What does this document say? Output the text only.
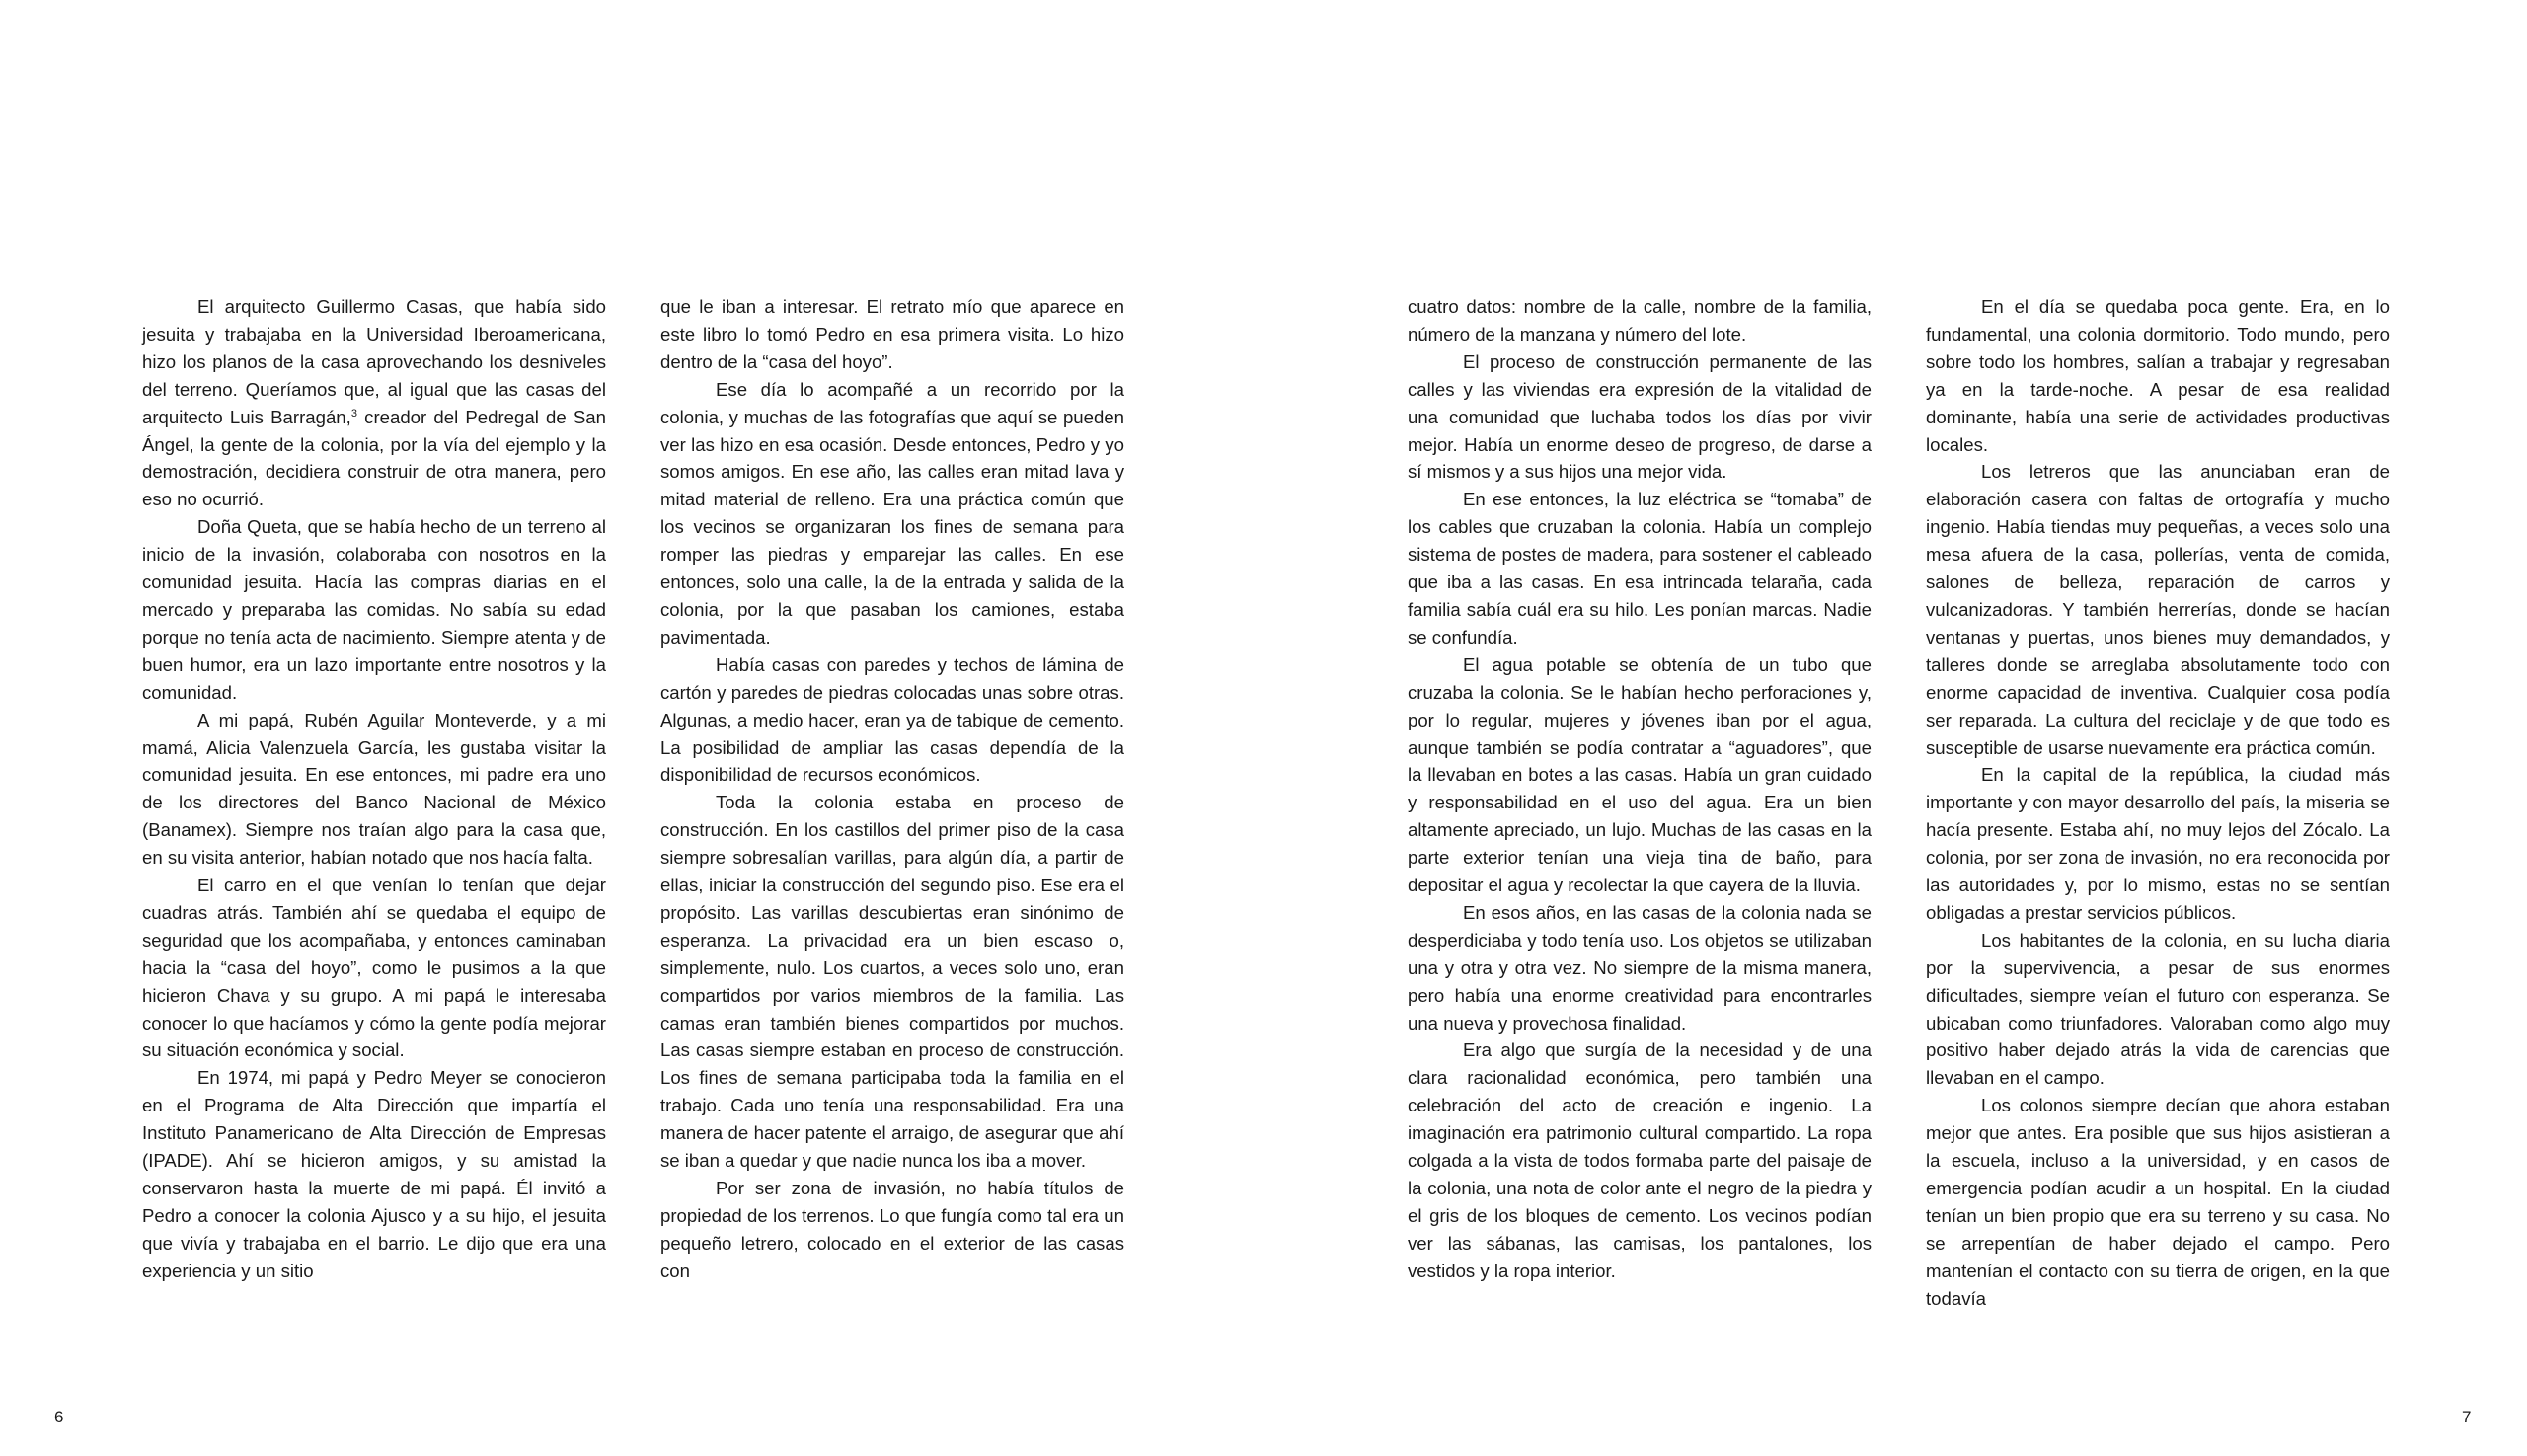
El arquitecto Guillermo Casas, que había sido jesuita y trabajaba en la Universidad Iberoamericana, hizo los planos de la casa aprovechando los desniveles del terreno. Queríamos que, al igual que las casas del arquitecto Luis Barragán,$^3$ creador del Pedregal de San Ángel, la gente de la colonia, por la vía del ejemplo y la demostración, decidiera construir de otra manera, pero eso no ocurrió.

Doña Queta, que se había hecho de un terreno al inicio de la invasión, colaboraba con nosotros en la comunidad jesuita. Hacía las compras diarias en el mercado y preparaba las comidas. No sabía su edad porque no tenía acta de nacimiento. Siempre atenta y de buen humor, era un lazo importante entre nosotros y la comunidad.

A mi papá, Rubén Aguilar Monteverde, y a mi mamá, Alicia Valenzuela García, les gustaba visitar la comunidad jesuita. En ese entonces, mi padre era uno de los directores del Banco Nacional de México (Banamex). Siempre nos traían algo para la casa que, en su visita anterior, habían notado que nos hacía falta.

El carro en el que venían lo tenían que dejar cuadras atrás. También ahí se quedaba el equipo de seguridad que los acompañaba, y entonces caminaban hacia la “casa del hoyo”, como le pusimos a la que hicieron Chava y su grupo. A mi papá le interesaba conocer lo que hacíamos y cómo la gente podía mejorar su situación económica y social.

En 1974, mi papá y Pedro Meyer se conocieron en el Programa de Alta Dirección que impartía el Instituto Panamericano de Alta Dirección de Empresas (IPADE). Ahí se hicieron amigos, y su amistad la conservaron hasta la muerte de mi papá. Él invitó a Pedro a conocer la colonia Ajusco y a su hijo, el jesuita que vivía y trabajaba en el barrio. Le dijo que era una experiencia y un sitio

que le iban a interesar. El retrato mío que aparece en este libro lo tomó Pedro en esa primera visita. Lo hizo dentro de la “casa del hoyo”.

Ese día lo acompañé a un recorrido por la colonia, y muchas de las fotografías que aquí se pueden ver las hizo en esa ocasión. Desde entonces, Pedro y yo somos amigos. En ese año, las calles eran mitad lava y mitad material de relleno. Era una práctica común que los vecinos se organizaran los fines de semana para romper las piedras y emparejar las calles. En ese entonces, solo una calle, la de la entrada y salida de la colonia, por la que pasaban los camiones, estaba pavimentada.

Había casas con paredes y techos de lámina de cartón y paredes de piedras colocadas unas sobre otras. Algunas, a medio hacer, eran ya de tabique de cemento. La posibilidad de ampliar las casas dependía de la disponibilidad de recursos económicos.

Toda la colonia estaba en proceso de construcción. En los castillos del primer piso de la casa siempre sobresalían varillas, para algún día, a partir de ellas, iniciar la construcción del segundo piso. Ese era el propósito. Las varillas descubiertas eran sinónimo de esperanza. La privacidad era un bien escaso o, simplemente, nulo. Los cuartos, a veces solo uno, eran compartidos por varios miembros de la familia. Las camas eran también bienes compartidos por muchos. Las casas siempre estaban en proceso de construcción. Los fines de semana participaba toda la familia en el trabajo. Cada uno tenía una responsabilidad. Era una manera de hacer patente el arraigo, de asegurar que ahí se iban a quedar y que nadie nunca los iba a mover.

Por ser zona de invasión, no había títulos de propiedad de los terrenos. Lo que fungía como tal era un pequeño letrero, colocado en el exterior de las casas con

6

cuatro datos: nombre de la calle, nombre de la familia, número de la manzana y número del lote.

El proceso de construcción permanente de las calles y las viviendas era expresión de la vitalidad de una comunidad que luchaba todos los días por vivir mejor. Había un enorme deseo de progreso, de darse a sí mismos y a sus hijos una mejor vida.

En ese entonces, la luz eléctrica se “tomaba” de los cables que cruzaban la colonia. Había un complejo sistema de postes de madera, para sostener el cableado que iba a las casas. En esa intrincada telaraña, cada familia sabía cuál era su hilo. Les ponían marcas. Nadie se confundía.

El agua potable se obtenía de un tubo que cruzaba la colonia. Se le habían hecho perforaciones y, por lo regular, mujeres y jóvenes iban por el agua, aunque también se podía contratar a “aguadores”, que la llevaban en botes a las casas. Había un gran cuidado y responsabilidad en el uso del agua. Era un bien altamente apreciado, un lujo. Muchas de las casas en la parte exterior tenían una vieja tina de baño, para depositar el agua y recolectar la que cayera de la lluvia.

En esos años, en las casas de la colonia nada se desperdiciaba y todo tenía uso. Los objetos se utilizaban una y otra y otra vez. No siempre de la misma manera, pero había una enorme creatividad para encontrarles una nueva y provechosa finalidad.

Era algo que surgía de la necesidad y de una clara racionalidad económica, pero también una celebración del acto de creación e ingenio. La imaginación era patrimonio cultural compartido. La ropa colgada a la vista de todos formaba parte del paisaje de la colonia, una nota de color ante el negro de la piedra y el gris de los bloques de cemento. Los vecinos podían ver las sábanas, las camisas, los pantalones, los vestidos y la ropa interior.

En el día se quedaba poca gente. Era, en lo fundamental, una colonia dormitorio. Todo mundo, pero sobre todo los hombres, salían a trabajar y regresaban ya en la tarde-noche. A pesar de esa realidad dominante, había una serie de actividades productivas locales.

Los letreros que las anunciaban eran de elaboración casera con faltas de ortografía y mucho ingenio. Había tiendas muy pequeñas, a veces solo una mesa afuera de la casa, pollerías, venta de comida, salones de belleza, reparación de carros y vulcanizadoras. Y también herrerías, donde se hacían ventanas y puertas, unos bienes muy demandados, y talleres donde se arreglaba absolutamente todo con enorme capacidad de inventiva. Cualquier cosa podía ser reparada. La cultura del reciclaje y de que todo es susceptible de usarse nuevamente era práctica común.

En la capital de la república, la ciudad más importante y con mayor desarrollo del país, la miseria se hacía presente. Estaba ahí, no muy lejos del Zócalo. La colonia, por ser zona de invasión, no era reconocida por las autoridades y, por lo mismo, estas no se sentían obligadas a prestar servicios públicos.

Los habitantes de la colonia, en su lucha diaria por la supervivencia, a pesar de sus enormes dificultades, siempre veían el futuro con esperanza. Se ubicaban como triunfadores. Valoraban como algo muy positivo haber dejado atrás la vida de carencias que llevaban en el campo.

Los colonos siempre decían que ahora estaban mejor que antes. Era posible que sus hijos asistieran a la escuela, incluso a la universidad, y en casos de emergencia podían acudir a un hospital. En la ciudad tenían un bien propio que era su terreno y su casa. No se arrepentían de haber dejado el campo. Pero mantenían el contacto con su tierra de origen, en la que todavía

7
